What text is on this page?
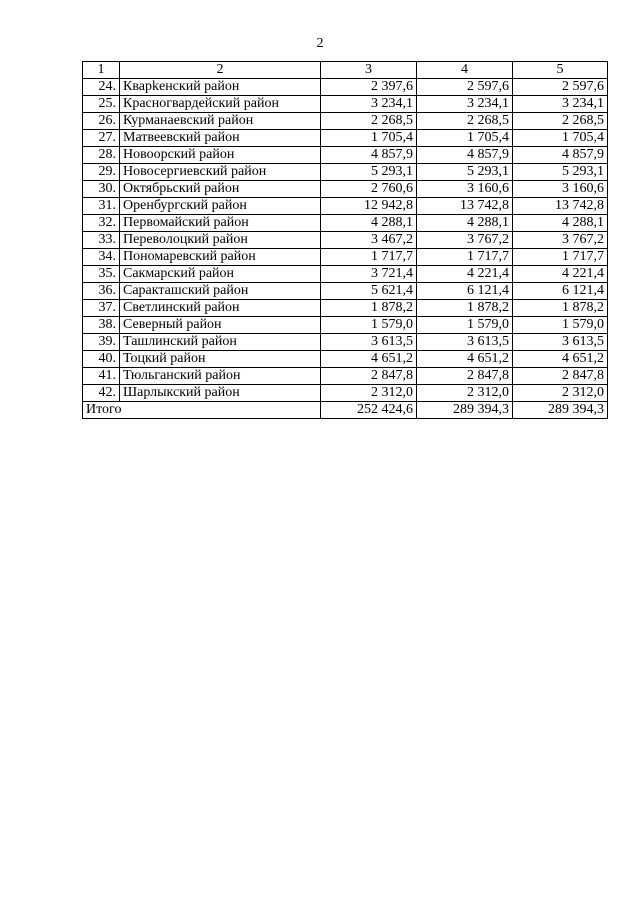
2
1	2	3	4	5
24.	Кварkенский район	2 397,6	2 597,6	2 597,6
25.	Красногвардейский район	3 234,1	3 234,1	3 234,1
26.	Курманаевский район	2 268,5	2 268,5	2 268,5
27.	Матвеевский район	1 705,4	1 705,4	1 705,4
28.	Новоорский район	4 857,9	4 857,9	4 857,9
29.	Новосергиевский район	5 293,1	5 293,1	5 293,1
30.	Октябрьский район	2 760,6	3 160,6	3 160,6
31.	Оренбургский район	12 942,8	13 742,8	13 742,8
32.	Первомайский район	4 288,1	4 288,1	4 288,1
33.	Переволоцкий район	3 467,2	3 767,2	3 767,2
34.	Пономаревский район	1 717,7	1 717,7	1 717,7
35.	Сакмарский район	3 721,4	4 221,4	4 221,4
36.	Саракташский район	5 621,4	6 121,4	6 121,4
37.	Светлинский район	1 878,2	1 878,2	1 878,2
38.	Северный район	1 579,0	1 579,0	1 579,0
39.	Ташлинский район	3 613,5	3 613,5	3 613,5
40.	Тоцкий район	4 651,2	4 651,2	4 651,2
41.	Тюльганский район	2 847,8	2 847,8	2 847,8
42.	Шарлыкский район	2 312,0	2 312,0	2 312,0
Итого		252 424,6	289 394,3	289 394,3
